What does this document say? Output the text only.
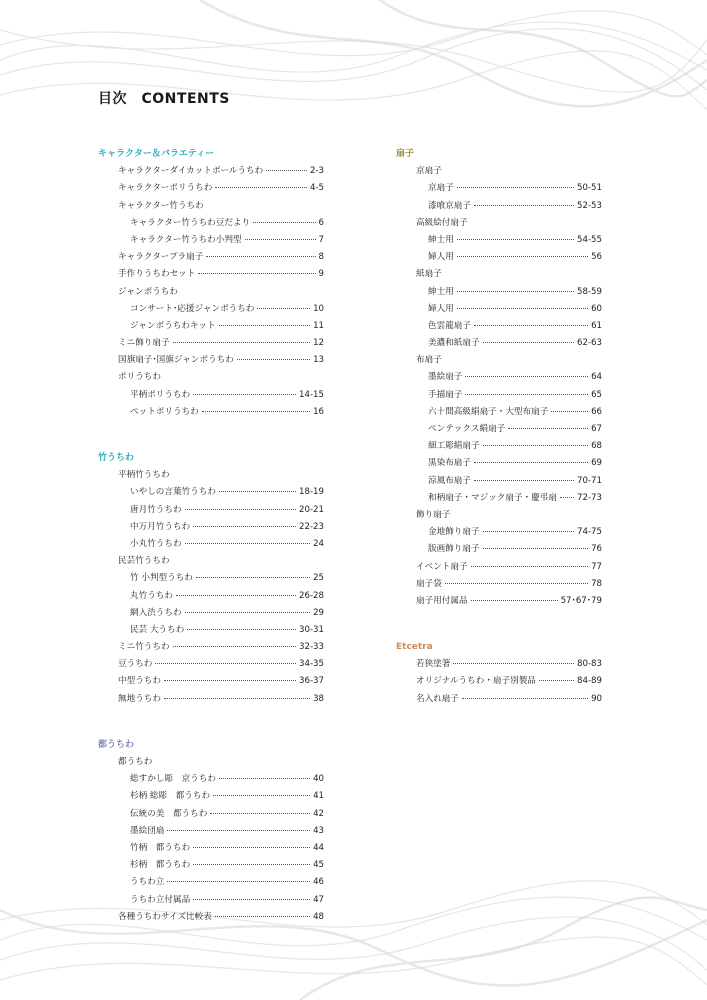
目次　CONTENTS
キャラクター＆バラエティー
キャラクターダイカットボールうちわ	2-3
キャラクターポリうちわ	4-5
キャラクター竹うちわ
キャラクター竹うちわ豆だより	6
キャラクター竹うちわ小判型	7
キャラクタープラ扇子	8
手作りうちわセット	9
ジャンボうちわ
コンサート･応援ジャンボうちわ	10
ジャンボうちわキット	11
ミニ飾り扇子	12
国旗扇子･国旗ジャンボうちわ	13
ポリうちわ
平柄ポリうちわ	14-15
ペットポリうちわ	16
竹うちわ
平柄竹うちわ
いやしの言葉竹うちわ	18-19
唐月竹うちわ	20-21
中万月竹うちわ	22-23
小丸竹うちわ	24
民芸竹うちわ
竹 小判型うちわ	25
丸竹うちわ	26-28
網入渋うちわ	29
民芸 大うちわ	30-31
ミニ竹うちわ	32-33
豆うちわ	34-35
中型うちわ	36-37
無地うちわ	38
都うちわ
都うちわ
総すかし彫　京うちわ	40
杉柄 総彫　都うちわ	41
伝統の美　都うちわ	42
墨絵団扇	43
竹柄　都うちわ	44
杉柄　都うちわ	45
うちわ立	46
うちわ立付属品	47
各種うちわサイズ比較表	48
扇子
京扇子
京扇子	50-51
漆喰京扇子	52-53
高級絵付扇子
紳士用	54-55
婦人用	56
紙扇子
紳士用	58-59
婦人用	60
色雲龍扇子	61
美濃和紙扇子	62-63
布扇子
墨絵扇子	64
手描扇子	65
六十間高級絹扇子・大型布扇子	66
ペンテックス絹扇子	67
細工彫絹扇子	68
黒染布扇子	69
涼風布扇子	70-71
和柄扇子・マジック扇子・慶弔扇 72-73
飾り扇子
金地飾り扇子	74-75
版画飾り扇子	76
イベント扇子	77
扇子袋	78
扇子用付属品	57･67･79
Etcetra
若狭塗箸	80-83
オリジナルうちわ・扇子別製品	84-89
名入れ扇子	90
